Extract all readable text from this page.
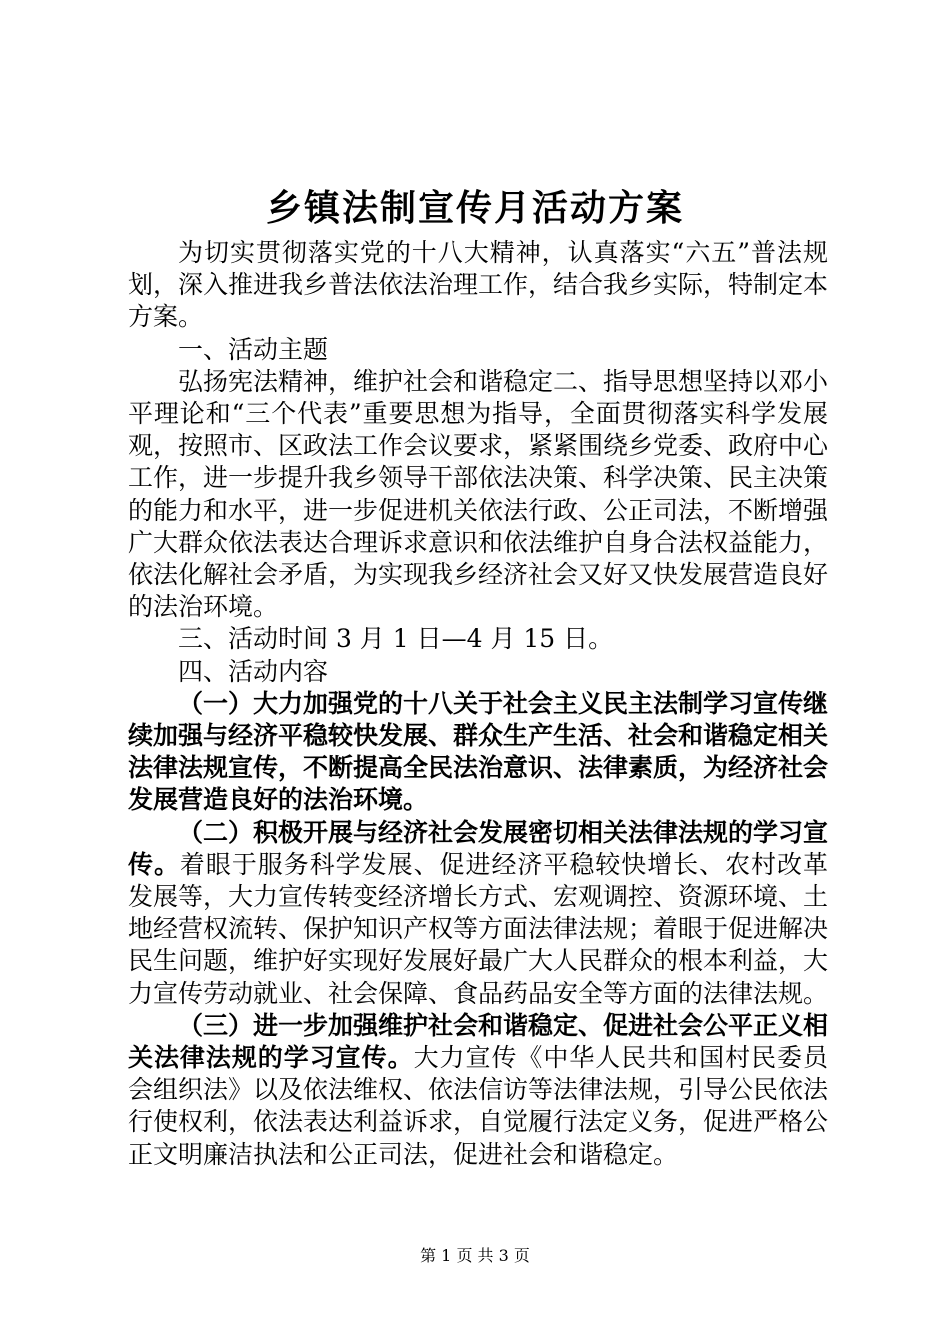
乡镇法制宣传月活动方案

为切实贯彻落实党的十八大精神，认真落实“六五”普法规划，深入推进我乡普法依法治理工作，结合我乡实际，特制定本方案。

一、活动主题

弘扬宪法精神，维护社会和谐稳定二、指导思想坚持以邓小平理论和“三个代表”重要思想为指导，全面贯彻落实科学发展观，按照市、区政法工作会议要求，紧紧围绕乡党委、政府中心工作，进一步提升我乡领导干部依法决策、科学决策、民主决策的能力和水平，进一步促进机关依法行政、公正司法，不断增强广大群众依法表达合理诉求意识和依法维护自身合法权益能力，依法化解社会矛盾，为实现我乡经济社会又好又快发展营造良好的法治环境。

三、活动时间 3 月 1 日—4 月 15 日。

四、活动内容

（一）大力加强党的十八关于社会主义民主法制学习宣传继续加强与经济平稳较快发展、群众生产生活、社会和谐稳定相关法律法规宣传，不断提高全民法治意识、法律素质，为经济社会发展营造良好的法治环境。

（二）积极开展与经济社会发展密切相关法律法规的学习宣传。着眼于服务科学发展、促进经济平稳较快增长、农村改革发展等，大力宣传转变经济增长方式、宏观调控、资源环境、土地经营权流转、保护知识产权等方面法律法规；着眼于促进解决民生问题，维护好实现好发展好最广大人民群众的根本利益，大力宣传劳动就业、社会保障、食品药品安全等方面的法律法规。

（三）进一步加强维护社会和谐稳定、促进社会公平正义相关法律法规的学习宣传。大力宣传《中华人民共和国村民委员会组织法》以及依法维权、依法信访等法律法规，引导公民依法行使权利，依法表达利益诉求，自觉履行法定义务，促进严格公正文明廉洁执法和公正司法，促进社会和谐稳定。

第 1 页 共 3 页
